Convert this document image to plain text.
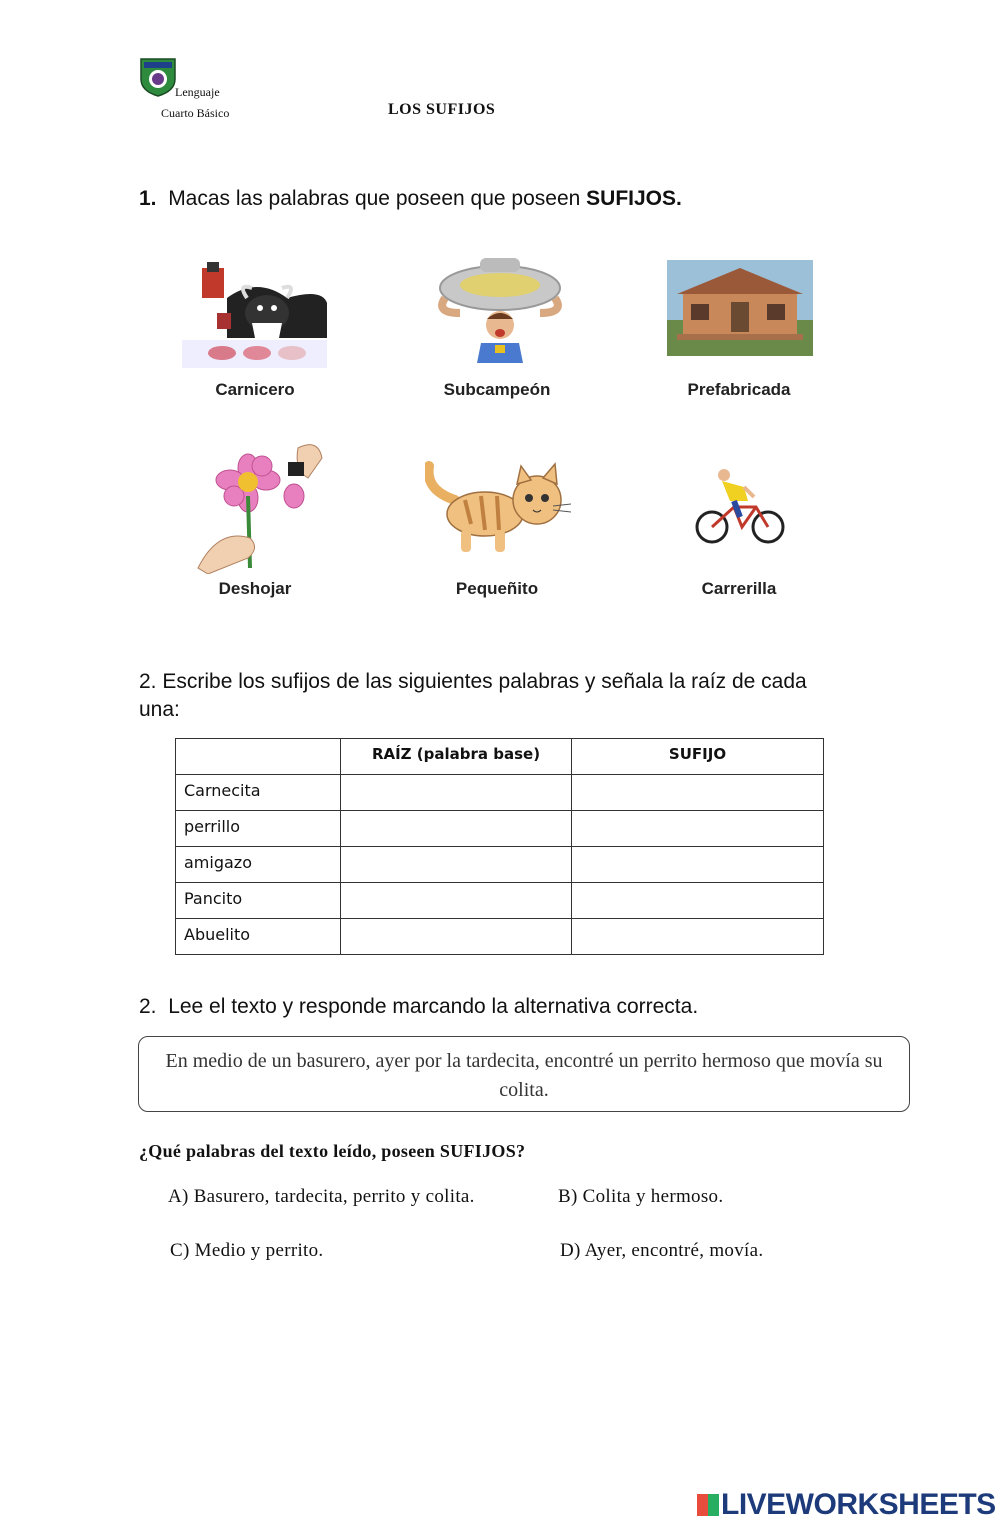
Lenguaje
Cuarto Básico	LOS SUFIJOS
1. Macas las palabras que poseen que poseen SUFIJOS.
Carnicero	Subcampeón	Prefabricada
Deshojar	Pequeñito	Carrerilla
2. Escribe los sufijos de las siguientes palabras y señala la raíz de cada una:
	RAÍZ (palabra base)	SUFIJO
Carnecita		
perrillo		
amigazo		
Pancito		
Abuelito		
2. Lee el texto y responde marcando la alternativa correcta.
En medio de un basurero, ayer por la tardecita, encontré un perrito hermoso que movía su colita.
¿Qué palabras del texto leído, poseen SUFIJOS?
A) Basurero, tardecita, perrito y colita.	B) Colita y hermoso.
C) Medio y perrito.	D) Ayer, encontré, movía.
LIVEWORKSHEETS
